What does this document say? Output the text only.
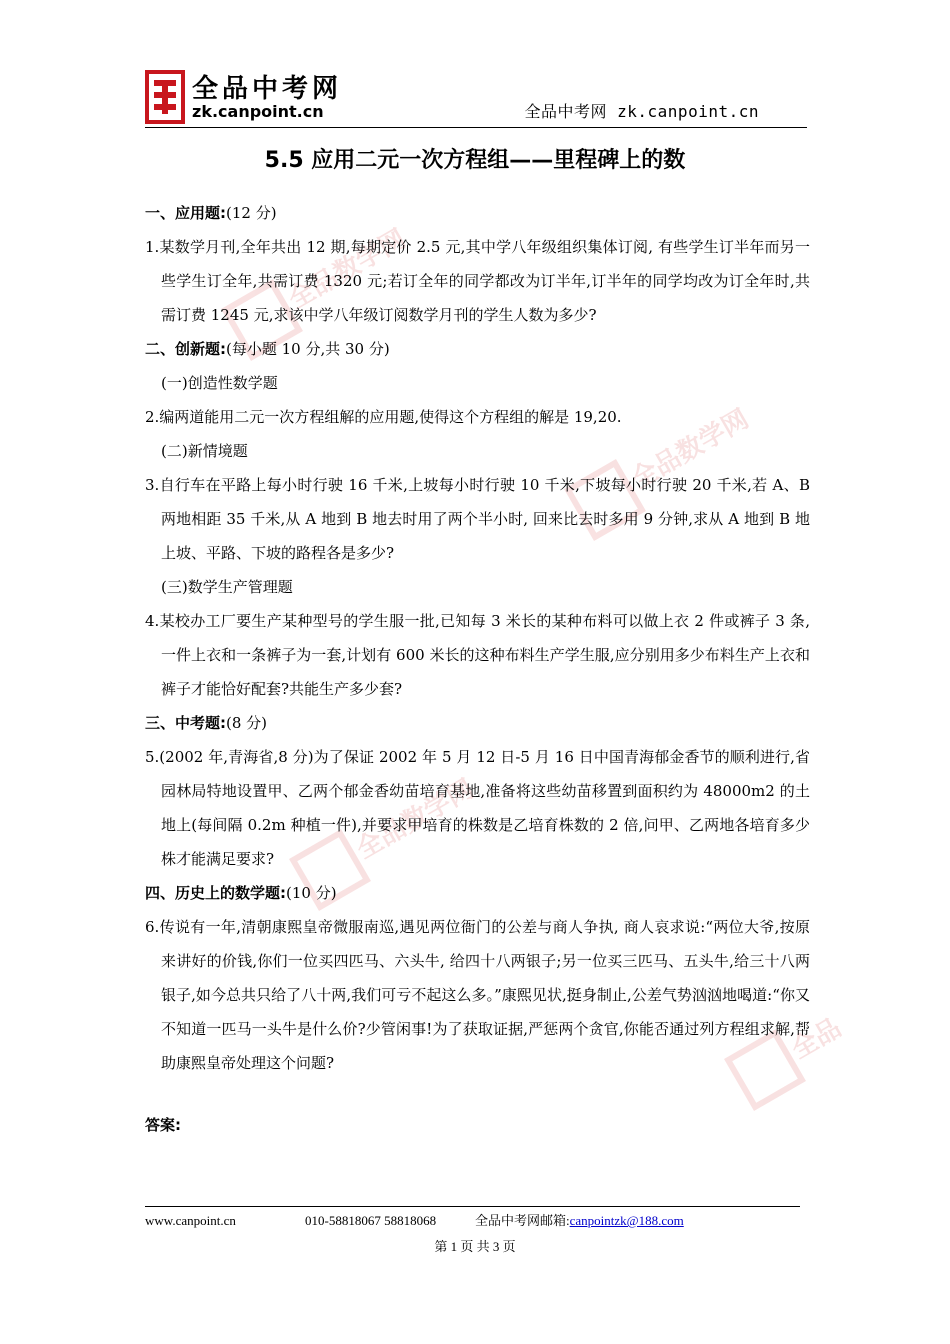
全品中考网
zk.canpoint.cn	全品中考网 zk.canpoint.cn
全品数学网
全品数学网
全品数学网
全品
5.5 应用二元一次方程组——里程碑上的数

一、应用题:(12 分)

1.某数学月刊,全年共出 12 期,每期定价 2.5 元,其中学八年级组织集体订阅, 有些学生订半年而另一些学生订全年,共需订费 1320 元;若订全年的同学都改为订半年,订半年的同学均改为订全年时,共需订费 1245 元,求该中学八年级订阅数学月刊的学生人数为多少?

二、创新题:(每小题 10 分,共 30 分)

(一)创造性数学题

2.编两道能用二元一次方程组解的应用题,使得这个方程组的解是 19,20.

(二)新情境题

3.自行车在平路上每小时行驶 16 千米,上坡每小时行驶 10 千米,下坡每小时行驶 20 千米,若 A、B 两地相距 35 千米,从 A 地到 B 地去时用了两个半小时, 回来比去时多用 9 分钟,求从 A 地到 B 地上坡、平路、下坡的路程各是多少?

(三)数学生产管理题

4.某校办工厂要生产某种型号的学生服一批,已知每 3 米长的某种布料可以做上衣 2 件或裤子 3 条,一件上衣和一条裤子为一套,计划有 600 米长的这种布料生产学生服,应分别用多少布料生产上衣和裤子才能恰好配套?共能生产多少套?

三、中考题:(8 分)

5.(2002 年,青海省,8 分)为了保证 2002 年 5 月 12 日-5 月 16 日中国青海郁金香节的顺利进行,省园林局特地设置甲、乙两个郁金香幼苗培育基地,准备将这些幼苗移置到面积约为 48000m2 的土地上(每间隔 0.2m 种植一件),并要求甲培育的株数是乙培育株数的 2 倍,问甲、乙两地各培育多少株才能满足要求?

四、历史上的数学题:(10 分)

6.传说有一年,清朝康熙皇帝微服南巡,遇见两位衙门的公差与商人争执, 商人哀求说:“两位大爷,按原来讲好的价钱,你们一位买四匹马、六头牛, 给四十八两银子;另一位买三匹马、五头牛,给三十八两银子,如今总共只给了八十两,我们可亏不起这么多。”康熙见状,挺身制止,公差气势汹汹地喝道:“你又不知道一匹马一头牛是什么价?少管闲事!为了获取证据,严惩两个贪官,你能否通过列方程组求解,帮助康熙皇帝处理这个问题?

答案:

www.canpoint.cn	010-58818067 58818068	全品中考网邮箱:canpointzk@188.com
第 1 页 共 3 页
